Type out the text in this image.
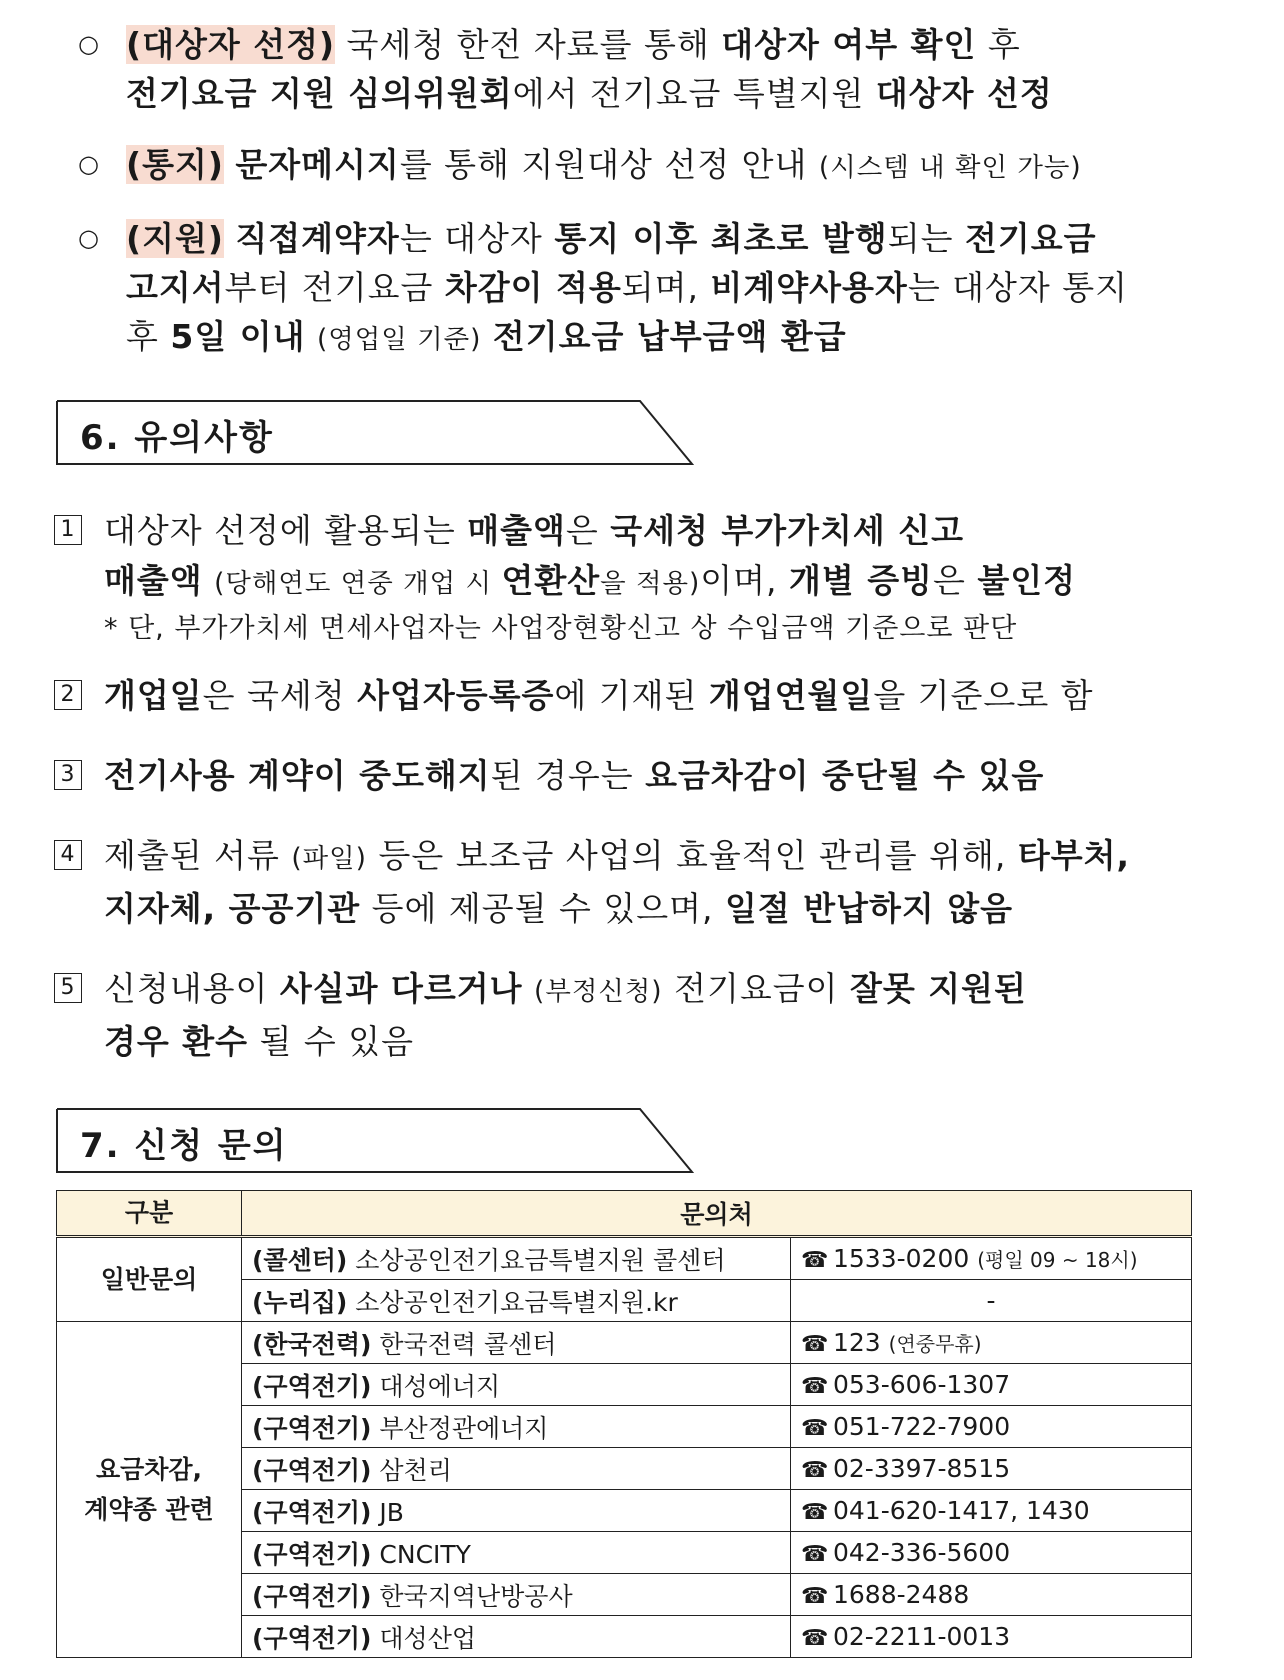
○ (대상자 선정) 국세청 한전 자료를 통해 대상자 여부 확인 후

전기요금 지원 심의위원회에서 전기요금 특별지원 대상자 선정

○ (통지) 문자메시지를 통해 지원대상 선정 안내 (시스템 내 확인 가능)

○ (지원) 직접계약자는 대상자 통지 이후 최초로 발행되는 전기요금

고지서부터 전기요금 차감이 적용되며, 비계약사용자는 대상자 통지

후 5일 이내 (영업일 기준) 전기요금 납부금액 환급

6. 유의사항
1 대상자 선정에 활용되는 매출액은 국세청 부가가치세 신고

매출액 (당해연도 연중 개업 시 연환산을 적용)이며, 개별 증빙은 불인정

* 단, 부가가치세 면세사업자는 사업장현황신고 상 수입금액 기준으로 판단

2 개업일은 국세청 사업자등록증에 기재된 개업연월일을 기준으로 함

3 전기사용 계약이 중도해지된 경우는 요금차감이 중단될 수 있음

4 제출된 서류 (파일) 등은 보조금 사업의 효율적인 관리를 위해, 타부처,

지자체, 공공기관 등에 제공될 수 있으며, 일절 반납하지 않음

5 신청내용이 사실과 다르거나 (부정신청) 전기요금이 잘못 지원된

경우 환수 될 수 있음

7. 신청 문의
구분	문의처	
일반문의	(콜센터) 소상공인전기요금특별지원 콜센터	☎ 1533-0200 (평일 09 ~ 18시)
	(누리집) 소상공인전기요금특별지원.kr	-
요금차감,
계약종 관련	(한국전력) 한국전력 콜센터	☎ 123 (연중무휴)
	(구역전기) 대성에너지	☎ 053-606-1307
	(구역전기) 부산정관에너지	☎ 051-722-7900
	(구역전기) 삼천리	☎ 02-3397-8515
	(구역전기) JB	☎ 041-620-1417, 1430
	(구역전기) CNCITY	☎ 042-336-5600
	(구역전기) 한국지역난방공사	☎ 1688-2488
	(구역전기) 대성산업	☎ 02-2211-0013
